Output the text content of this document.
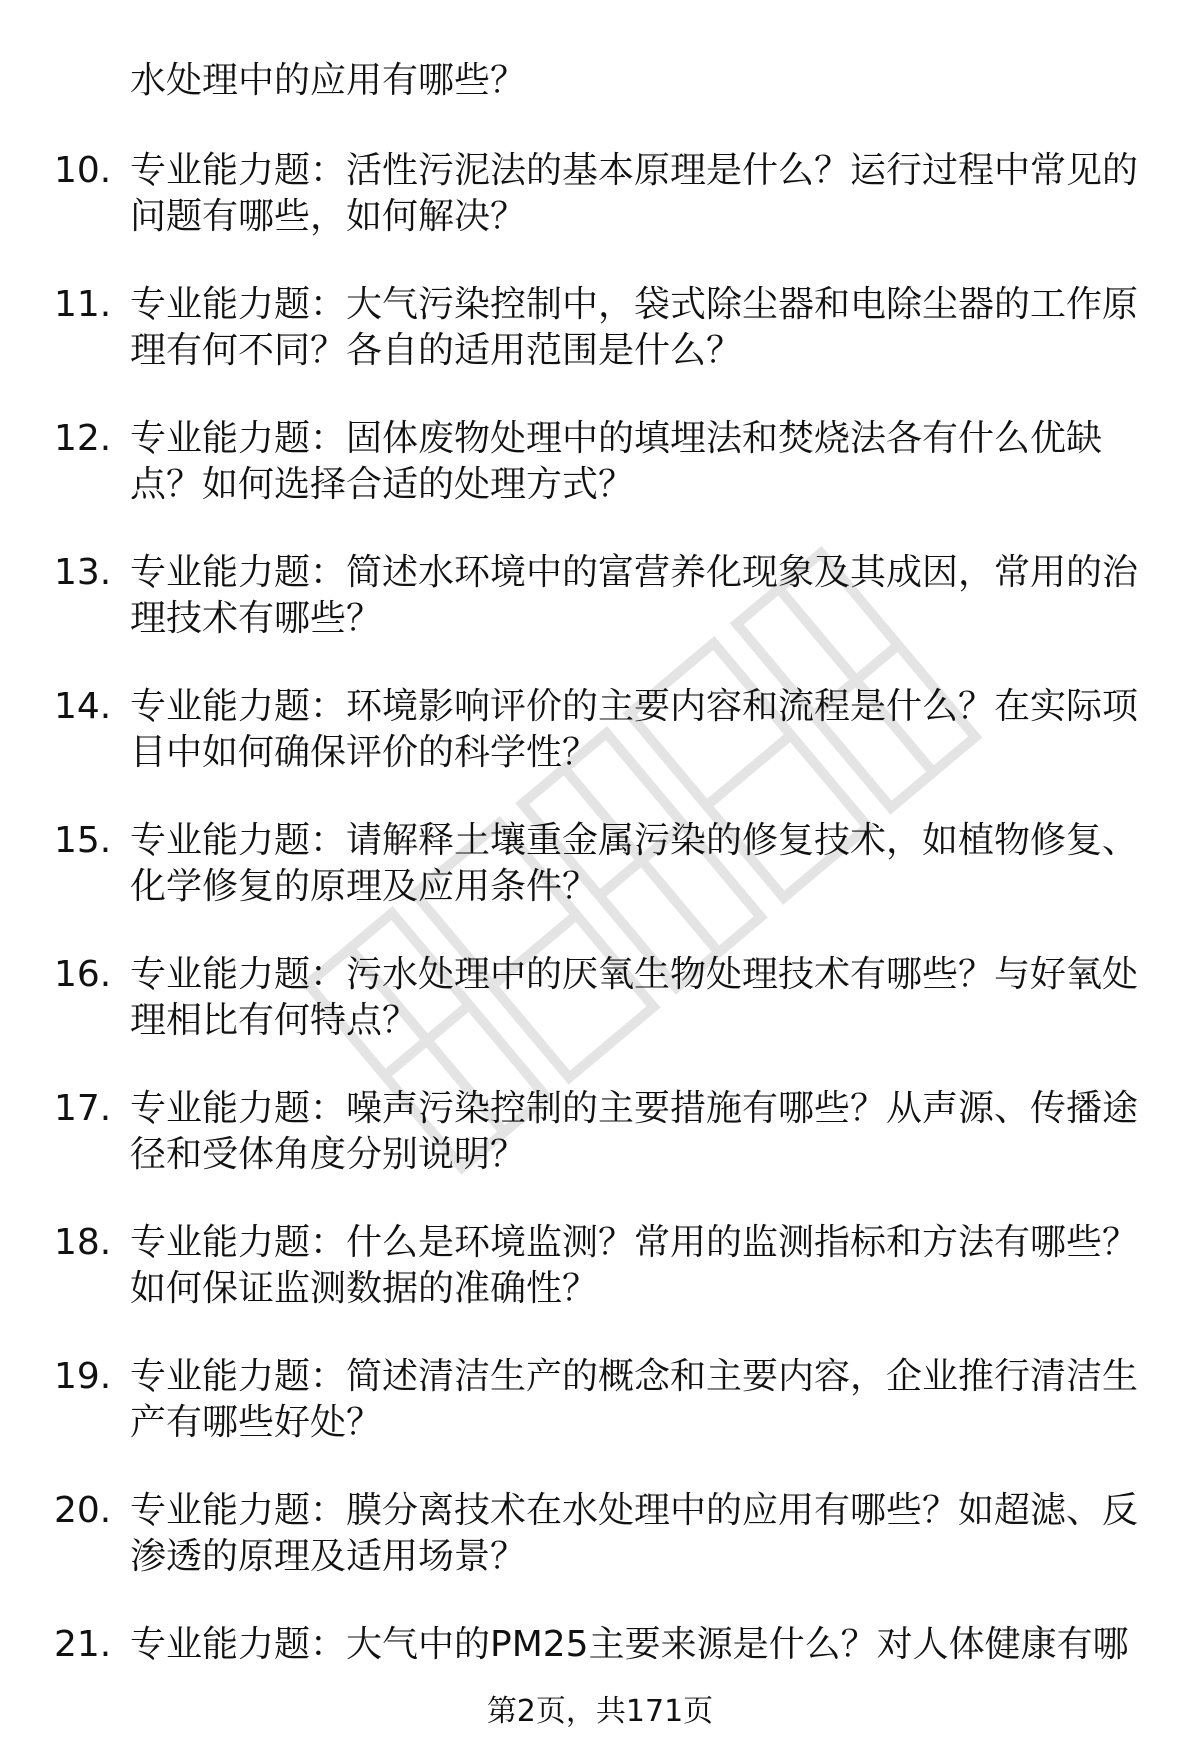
水处理中的应用有哪些？
10. 专业能力题：活性污泥法的基本原理是什么？运行过程中常见的问题有哪些，如何解决？
11. 专业能力题：大气污染控制中，袋式除尘器和电除尘器的工作原理有何不同？各自的适用范围是什么？
12. 专业能力题：固体废物处理中的填埋法和焚烧法各有什么优缺点？如何选择合适的处理方式？
13. 专业能力题：简述水环境中的富营养化现象及其成因，常用的治理技术有哪些？
14. 专业能力题：环境影响评价的主要内容和流程是什么？在实际项目中如何确保评价的科学性？
15. 专业能力题：请解释土壤重金属污染的修复技术，如植物修复、化学修复的原理及应用条件？
16. 专业能力题：污水处理中的厌氧生物处理技术有哪些？与好氧处理相比有何特点？
17. 专业能力题：噪声污染控制的主要措施有哪些？从声源、传播途径和受体角度分别说明？
18. 专业能力题：什么是环境监测？常用的监测指标和方法有哪些？如何保证监测数据的准确性？
19. 专业能力题：简述清洁生产的概念和主要内容，企业推行清洁生产有哪些好处？
20. 专业能力题：膜分离技术在水处理中的应用有哪些？如超滤、反渗透的原理及适用场景？
21. 专业能力题：大气中的PM25主要来源是什么？对人体健康有哪
第2页，共171页
